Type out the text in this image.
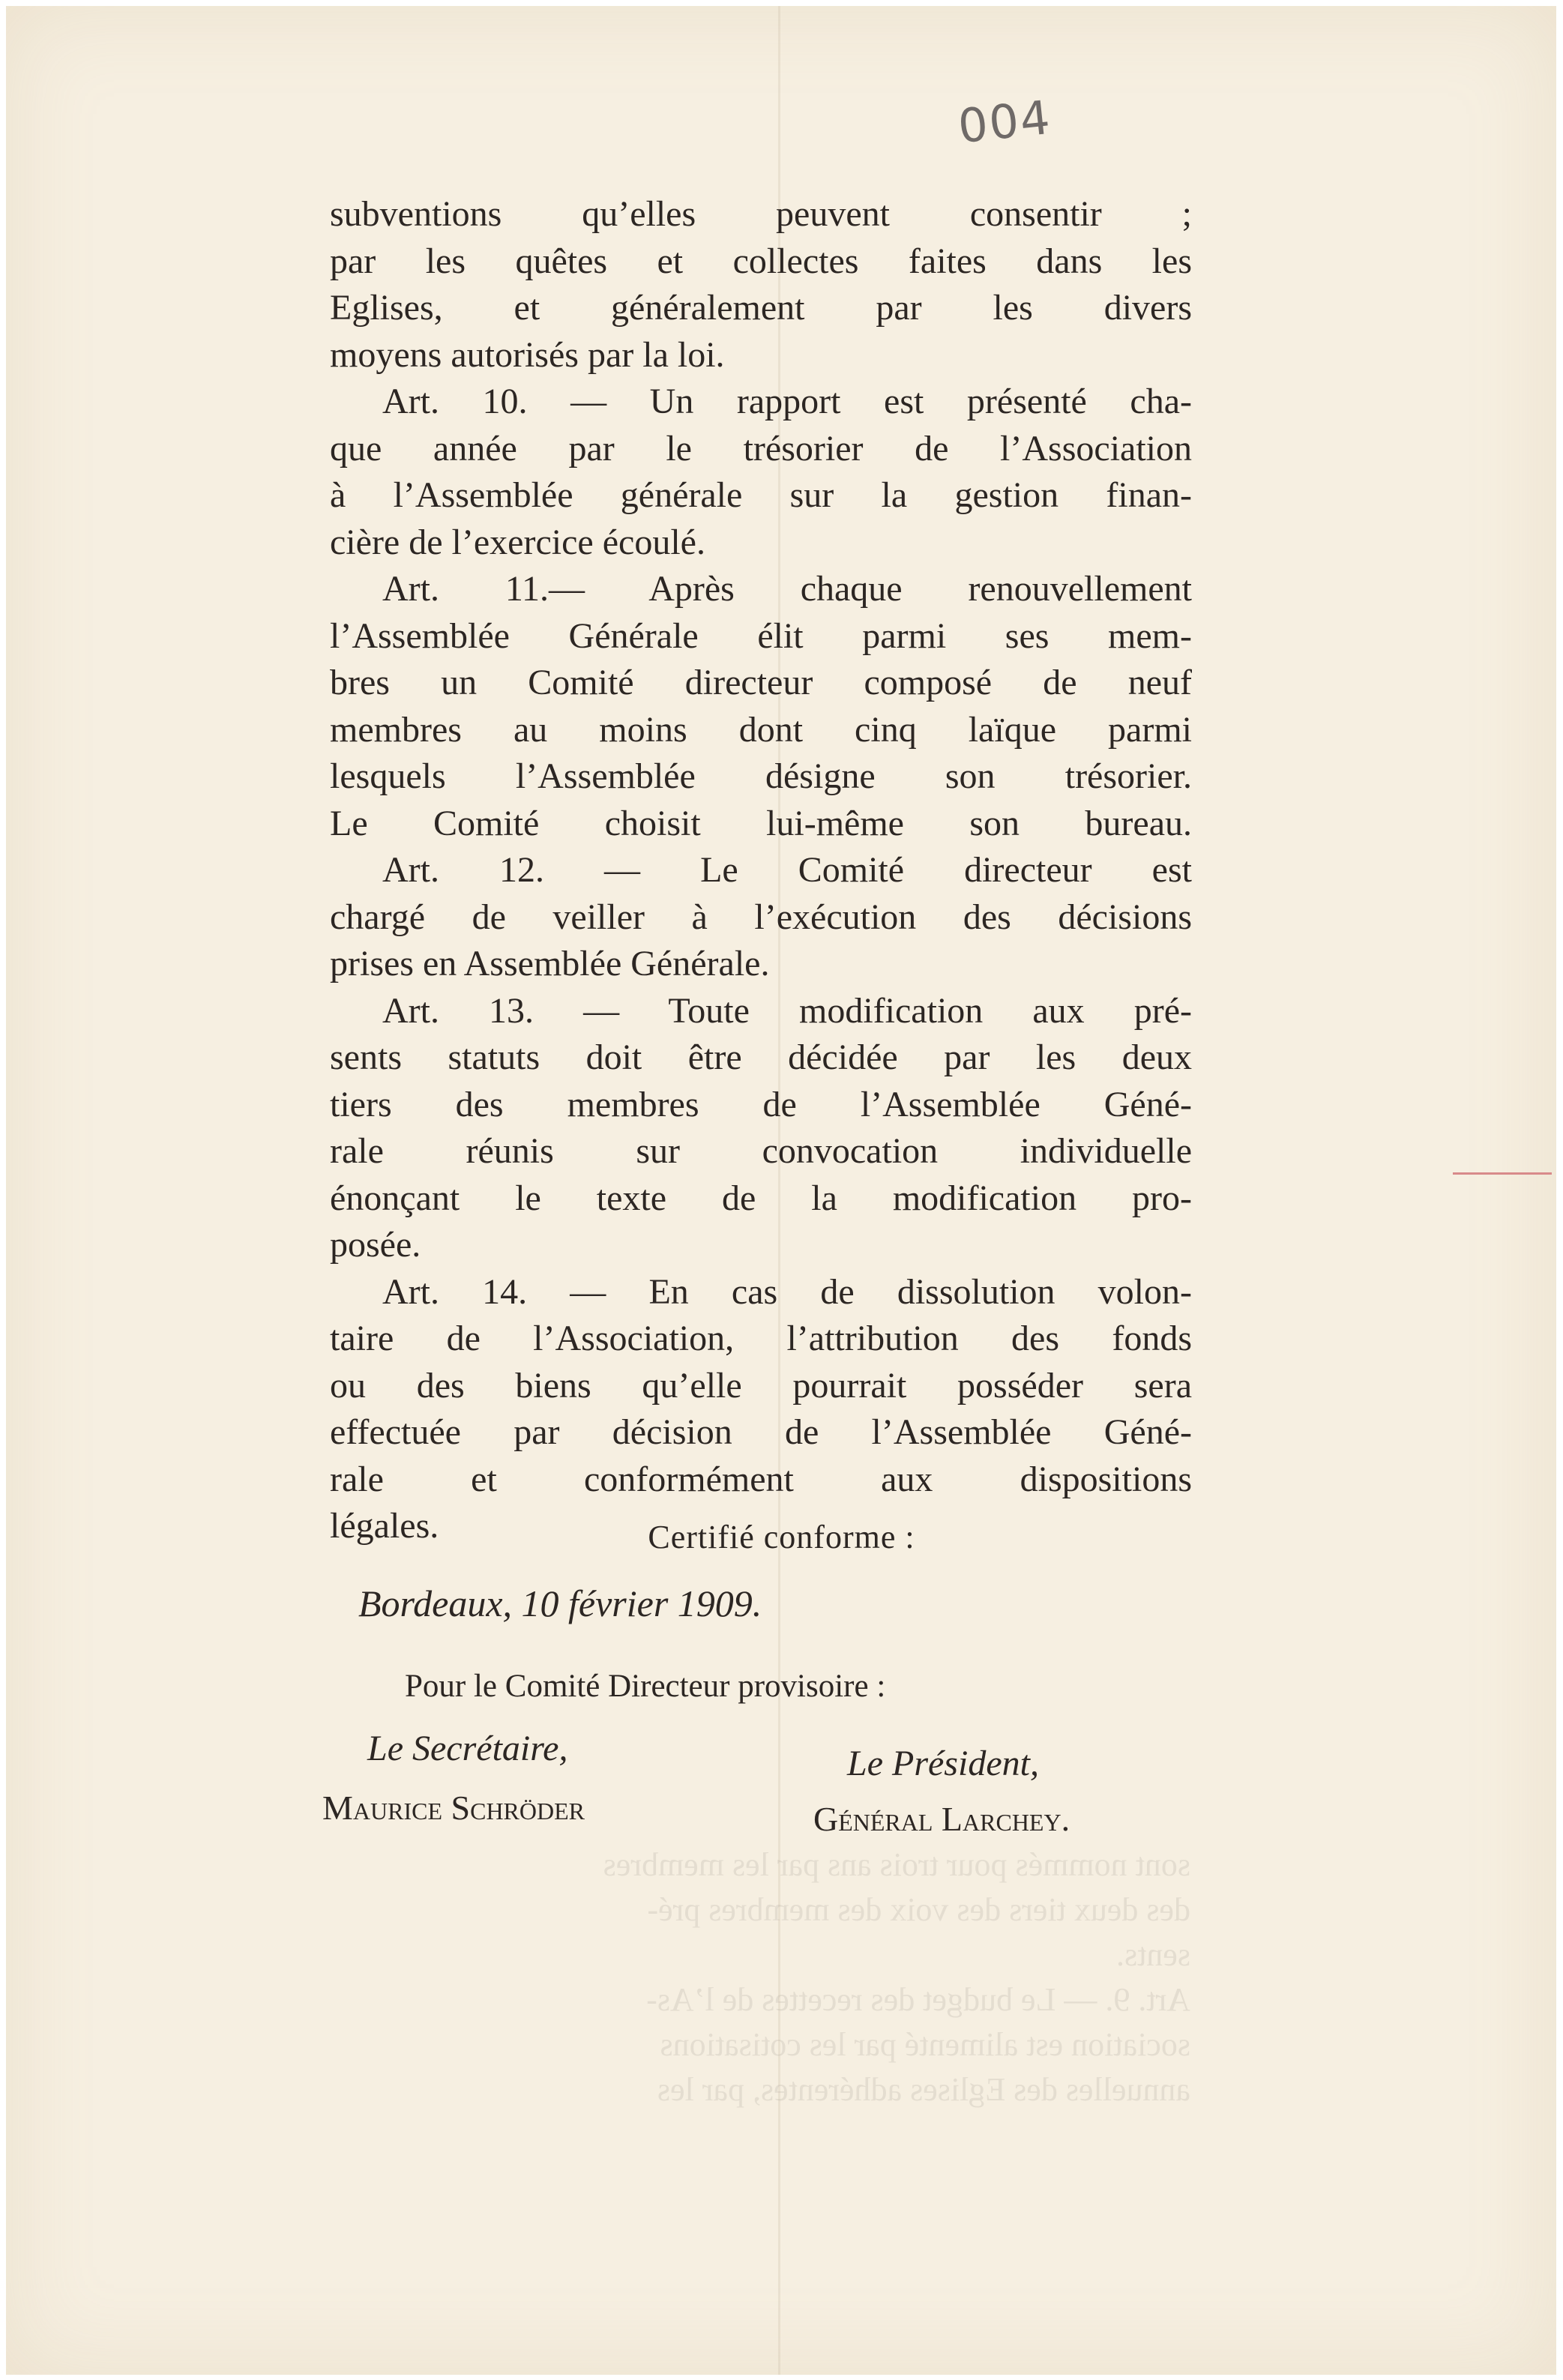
004
sont nommés pour trois ans par les membres
des deux tiers des voix des membres pré-
sents.
Art. 9. — Le budget des recettes de l’As-
sociation est alimenté par les cotisations
annuelles des Eglises adhérentes, par les
subventions qu’elles peuvent consentir ;
par les quêtes et collectes faites dans les
Eglises, et généralement par les divers
moyens autorisés par la loi.
Art. 10. — Un rapport est présenté cha-
que année par le trésorier de l’Association
à l’Assemblée générale sur la gestion finan-
cière de l’exercice écoulé.
Art. 11.— Après chaque renouvellement
l’Assemblée Générale élit parmi ses mem-
bres un Comité directeur composé de neuf
membres au moins dont cinq laïque parmi
lesquels l’Assemblée désigne son trésorier.
Le Comité choisit lui-même son bureau.
Art. 12. — Le Comité directeur est
chargé de veiller à l’exécution des décisions
prises en Assemblée Générale.
Art. 13. — Toute modification aux pré-
sents statuts doit être décidée par les deux
tiers des membres de l’Assemblée Géné-
rale réunis sur convocation individuelle
énonçant le texte de la modification pro-
posée.
Art. 14. — En cas de dissolution volon-
taire de l’Association, l’attribution des fonds
ou des biens qu’elle pourrait posséder sera
effectuée par décision de l’Assemblée Géné-
rale et conformément aux dispositions
légales.	Certifié conforme :
Bordeaux, 10 février 1909.
Pour le Comité Directeur provisoire :
Le Secrétaire,	Le Président,
Maurice Schröder	Général Larchey.
